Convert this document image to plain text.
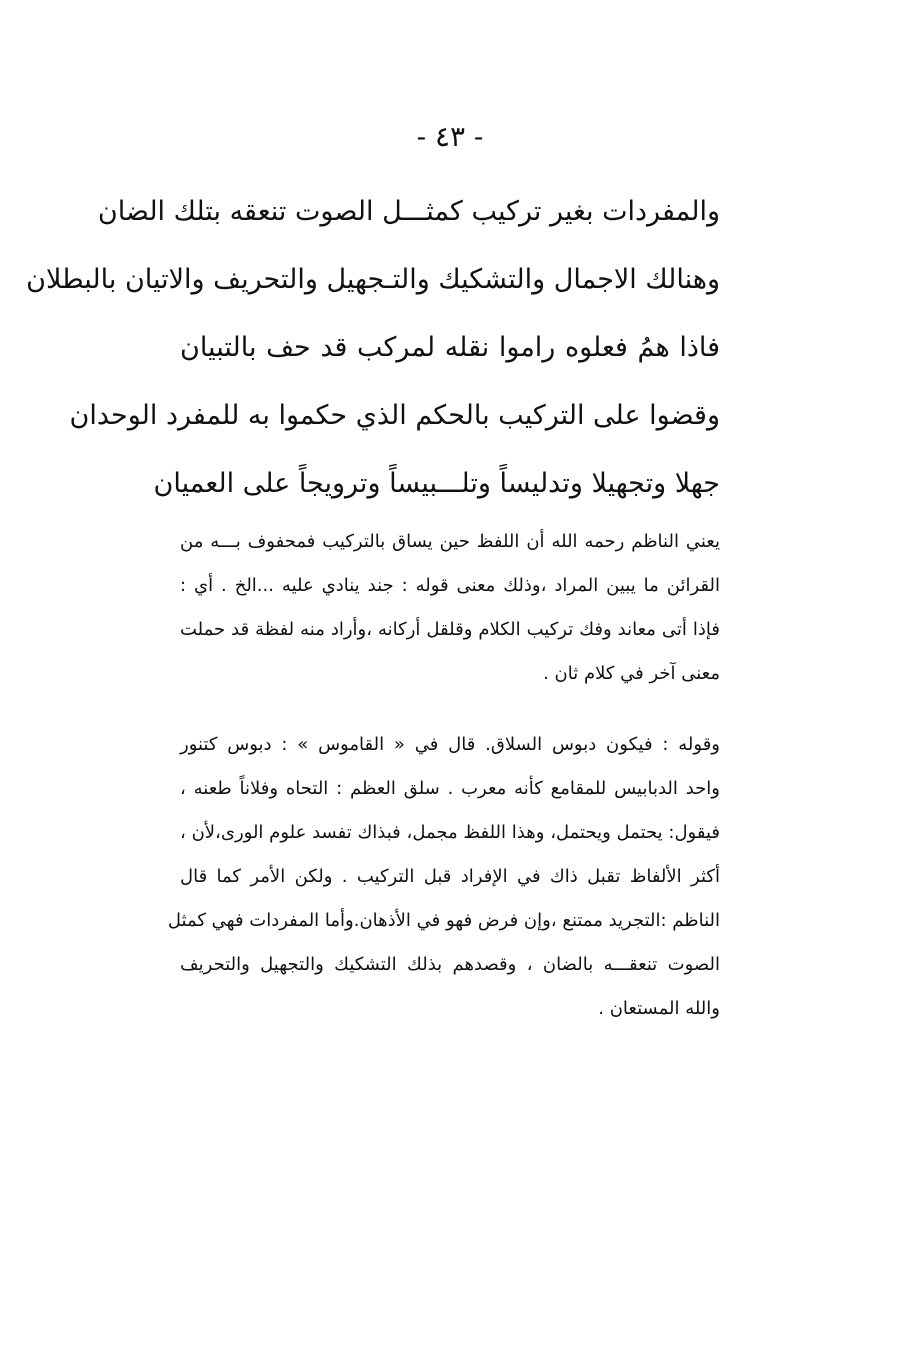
- ٤٣ -
والمفردات بغير تركيب كمثـــل الصوت تنعقه بتلك الضان
وهنالك الاجمال والتشكيك والتـجهيل والتحريف والاتيان بالبطلان
فاذا همُ فعلوه راموا نقله لمركب قد حف بالتبيان
وقضوا على التركيب بالحكم الذي حكموا به للمفرد الوحدان
جهلا وتجهيلا وتدليساً وتلـــبيساً وترويجاً على العميان
يعني الناظم رحمه الله أن اللفظ حين يساق بالتركيب فمحفوف بـــه من
القرائن ما يبين المراد ،وذلك معنى قوله : جند ينادي عليه ...الخ . أي :
فإذا أتى معاند وفك تركيب الكلام وقلقل أركانه ،وأراد منه لفظة قد حملت
معنى آخر في كلام ثان .
وقوله : فيكون دبوس السلاق. قال في « القاموس » : دبوس كتنور
واحد الدبابيس للمقامع كأنه معرب . سلق العظم : التحاه وفلاناً طعنه ،
فيقول: يحتمل ويحتمل، وهذا اللفظ مجمل، فبذاك تفسد علوم الورى،لأن ،
أكثر الألفاظ تقبل ذاك في الإفراد قبل التركيب . ولكن الأمر كما قال
الناظم :التجريد ممتنع ،وإن فرض فهو في الأذهان.وأما المفردات فهي كمثل
الصوت تنعقـــه بالضان ، وقصدهم بذلك التشكيك والتجهيل والتحريف
والله المستعان .
